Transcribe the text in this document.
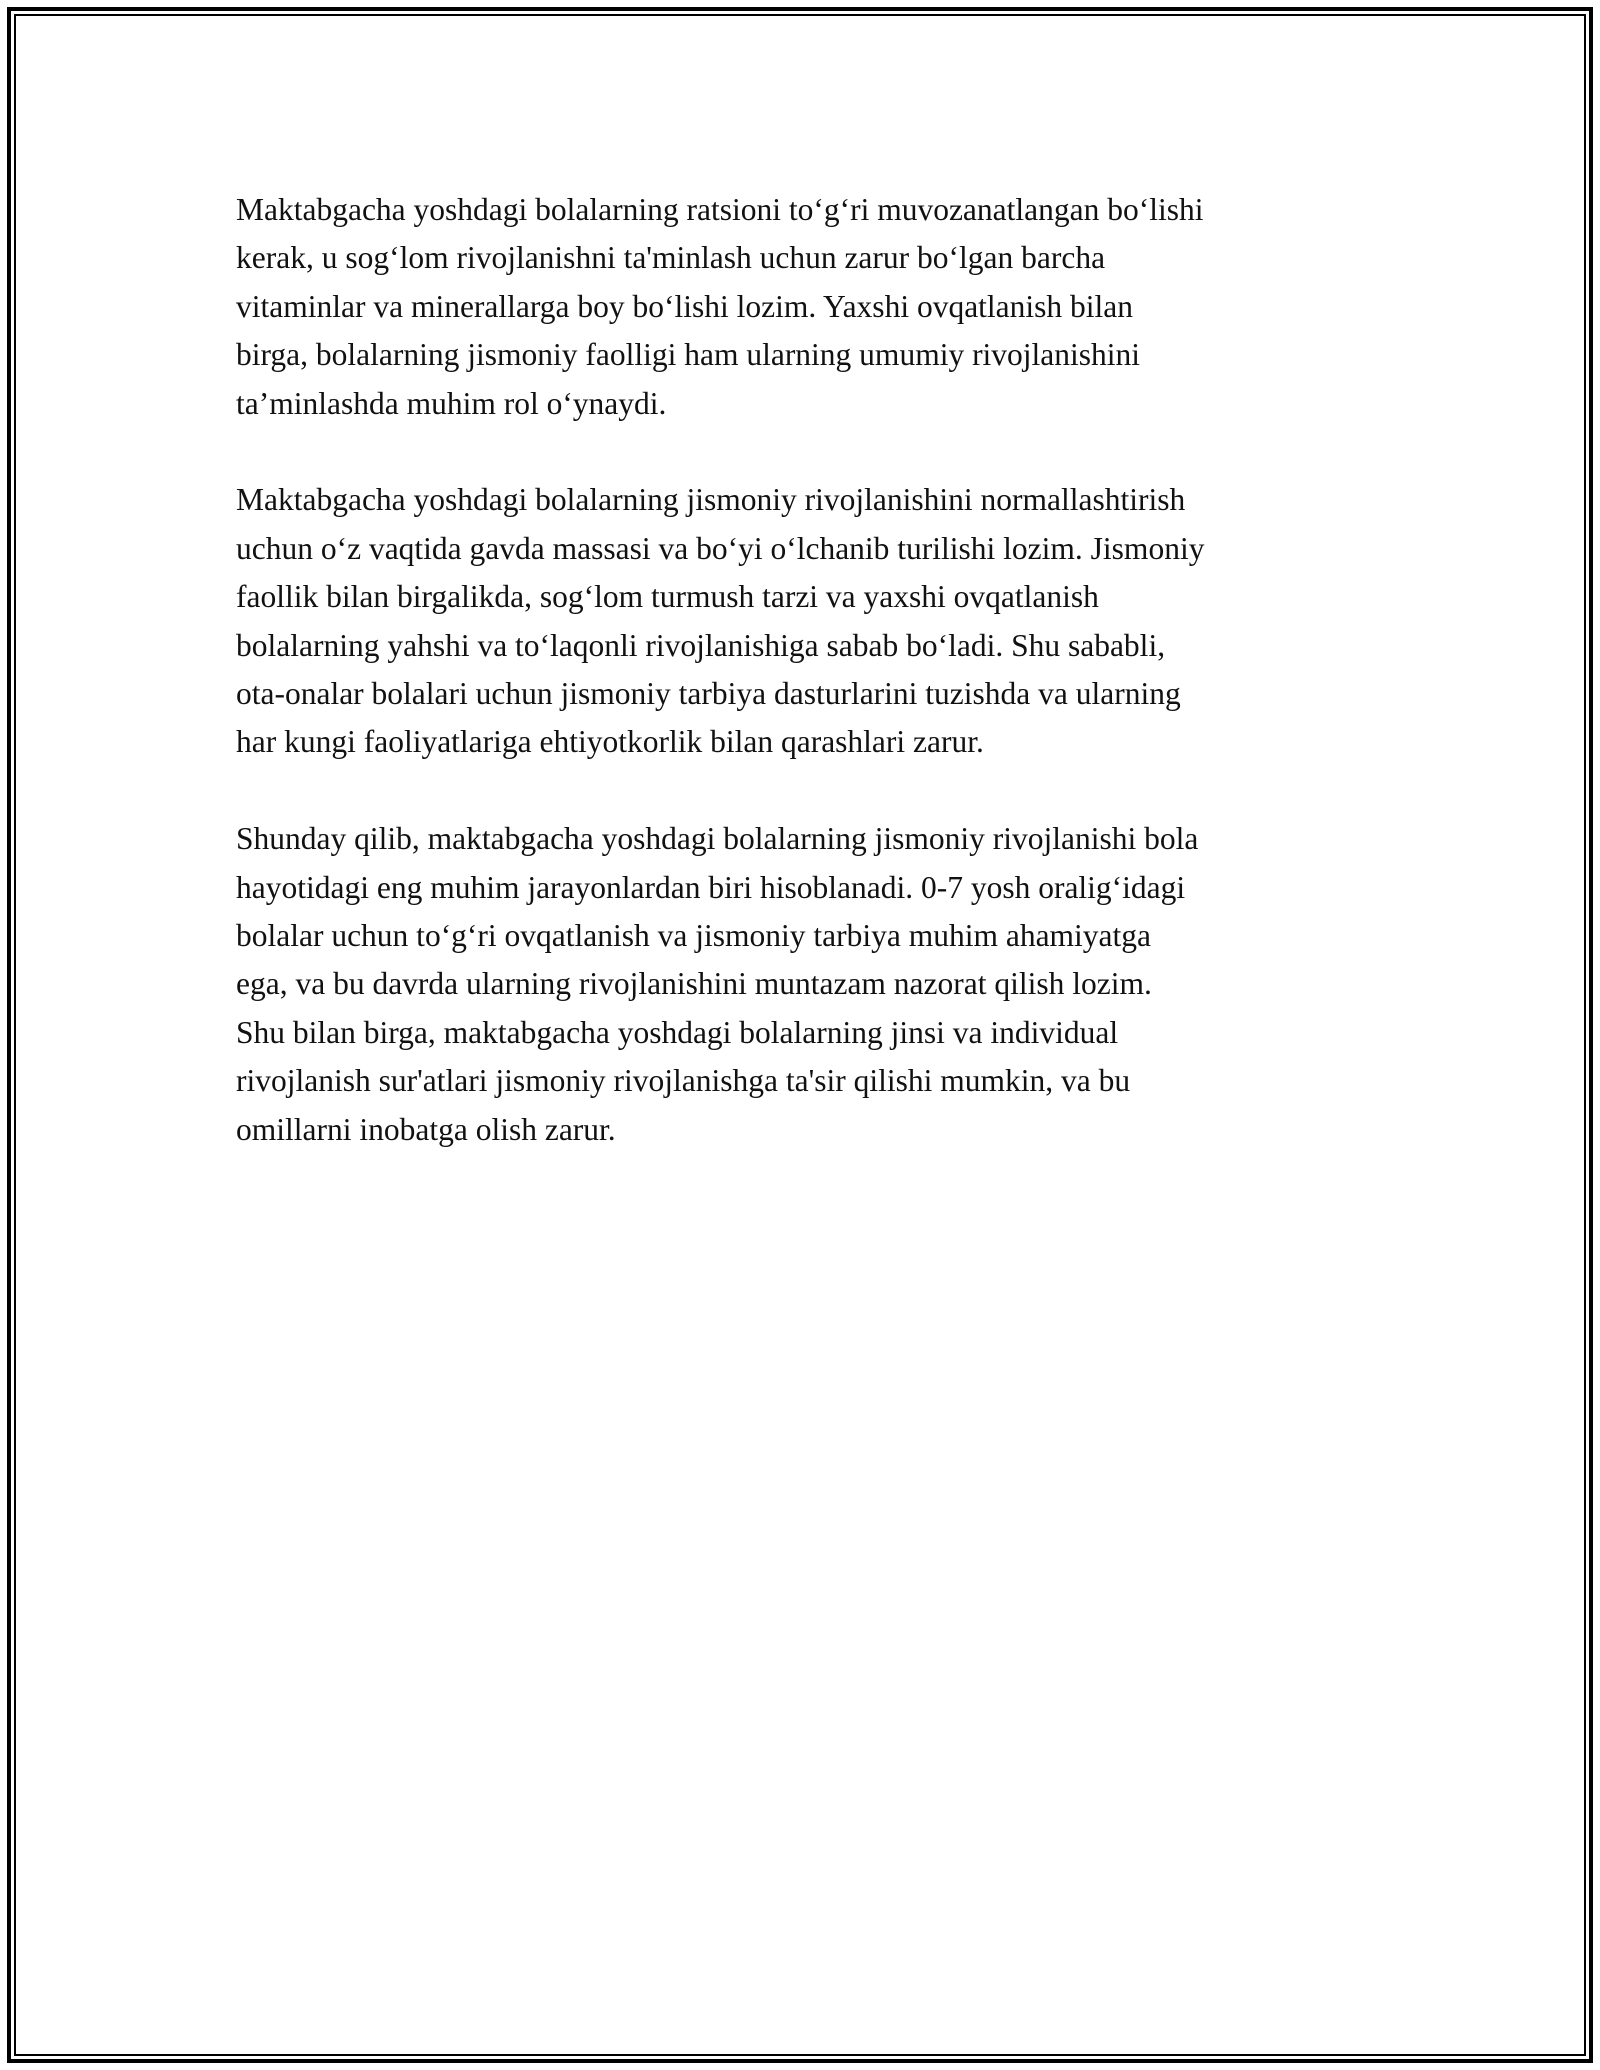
Maktabgacha yoshdagi bolalarning ratsioni to‘g‘ri muvozanatlangan bo‘lishi
kerak, u sog‘lom rivojlanishni ta'minlash uchun zarur bo‘lgan barcha
vitaminlar va minerallarga boy bo‘lishi lozim. Yaxshi ovqatlanish bilan
birga, bolalarning jismoniy faolligi ham ularning umumiy rivojlanishini
ta’minlashda muhim rol o‘ynaydi.

Maktabgacha yoshdagi bolalarning jismoniy rivojlanishini normallashtirish
uchun o‘z vaqtida gavda massasi va bo‘yi o‘lchanib turilishi lozim. Jismoniy
faollik bilan birgalikda, sog‘lom turmush tarzi va yaxshi ovqatlanish
bolalarning yahshi va to‘laqonli rivojlanishiga sabab bo‘ladi. Shu sababli,
ota-onalar bolalari uchun jismoniy tarbiya dasturlarini tuzishda va ularning
har kungi faoliyatlariga ehtiyotkorlik bilan qarashlari zarur.

Shunday qilib, maktabgacha yoshdagi bolalarning jismoniy rivojlanishi bola
hayotidagi eng muhim jarayonlardan biri hisoblanadi. 0-7 yosh oralig‘idagi
bolalar uchun to‘g‘ri ovqatlanish va jismoniy tarbiya muhim ahamiyatga
ega, va bu davrda ularning rivojlanishini muntazam nazorat qilish lozim.
Shu bilan birga, maktabgacha yoshdagi bolalarning jinsi va individual
rivojlanish sur'atlari jismoniy rivojlanishga ta'sir qilishi mumkin, va bu
omillarni inobatga olish zarur.
